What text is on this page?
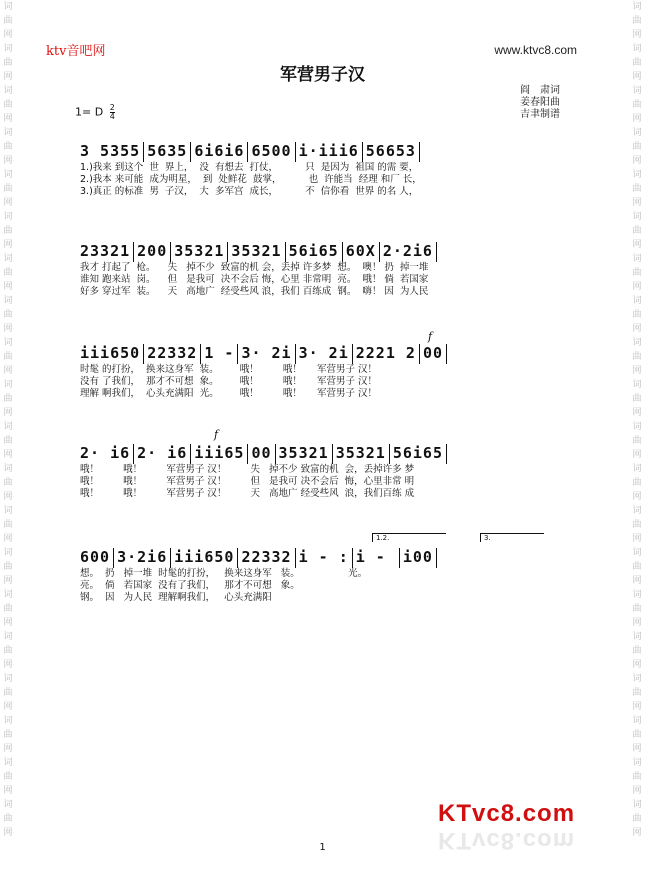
词
曲
网
词
曲
网
词
曲
网
词
曲
网
词
曲
网
词
曲
网
词
曲
网
词
曲
网
词
曲
网
词
曲
网
词
曲
网
词
曲
网
词
曲
网
词
曲
网
词
曲
网
词
曲
网
词
曲
网
词
曲
网
词
曲
网
词
曲
网
词
曲
网
词
曲
网
词
曲
网
词
曲
网
词
曲
网
词
曲
网
词
曲
网
词
曲
网
词
曲
网
词
曲
网
词
曲
网
词
曲
网
词
曲
网
词
曲
网
词
曲
网
词
曲
网
词
曲
网
词
曲
网
词
曲
网
词
曲
网
ktv音吧网	www.ktvc8.com
军营男子汉
阎　肃词
姜春阳曲
吉聿制谱
1= D $\frac{2}{4}$
3 5355 5635 6i6i6 6500 i·iii6 56653
1.)我来 到这个  世  界上，  没  有想去  打仗，         只  是因为  祖国 的需 要，
2.)我本 来可能  成为明星，  到  处鲜花  鼓掌，         也  许能当  经理 和厂 长，
3.)真正 的标准  男  子汉，  大  多军宫  成长，         不  信你看  世界 的名 人，
23321 200 35321 35321 56i65 60X 2·2i6
我才 打起了  枪。    失   掉不少  致富的机 会，丢掉 许多梦  想。  噢！ 扔  掉一堆
谁知 跑来站  岗。    但   是我可  决不会后 悔，心里 非常明  亮。  哦！ 倘  若国家
好多 穿过军  装。    天   高地广  经受些风 浪，我们 百练成  钢。  嗨！ 因  为人民
f
iii650 22332 1 - 3· 2i 3· 2i 2221 2 00
时髦 的打扮，  换来这身军  装。       哦！        哦！     军营男子 汉！
没有 了我们，  那才不可想  象。       哦！        哦！     军营男子 汉！
理解 啊我们，  心头充满阳  光。       哦！        哦！     军营男子 汉！
f
2· i6 2· i6 iii65 00 35321 35321 56i65
哦！        哦！        军营男子 汉！        失   掉不少 致富的机  会，丢掉许多 梦
哦！        哦！        军营男子 汉！        但   是我可 决不会后  悔，心里非常 明
哦！        哦！        军营男子 汉！        天   高地广 经受些风  浪，我们百练 成
1.2.	3.
600 3·2i6 iii650 22332 i - : i - i00
想。  扔   掉一堆  时髦的打扮，   换来这身军   装。                光。
亮。  倘   若国家  没有了我们，   那才不可想   象。
钢。  因   为人民  理解啊我们，   心头充满阳
KTvc8.com
KTvc8.com
1
